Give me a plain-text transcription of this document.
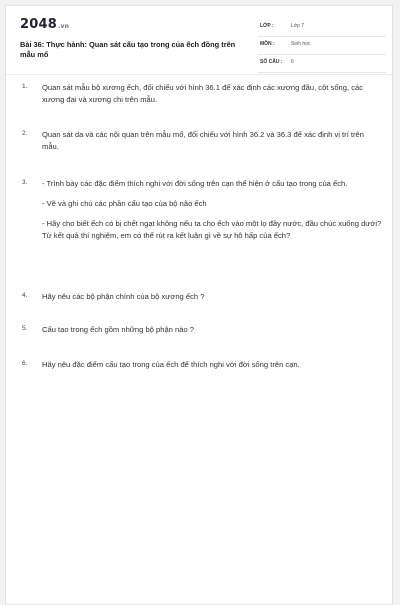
2048.vn
Bài 36: Thực hành: Quan sát cấu tạo trong của ếch đồng trên mẫu mổ
LỚP :	Lớp 7
MÔN :	Sinh học
SỐ CÂU : 6
1. Quan sát mẫu bộ xương ếch, đối chiếu với hình 36.1 để xác định các xương đầu, cột sống, các xương đai và xương chi trên mẫu.

2. Quan sát da và các nội quan trên mẫu mổ, đối chiếu với hình 36.2 và 36.3 để xác định vị trí trên mẫu.

3. - Trình bày các đặc điểm thích nghi với đời sống trên cạn thể hiện ở cấu tạo trong của ếch.

- Vẽ và ghi chú các phần cấu tạo của bộ não ếch

- Hãy cho biết ếch có bị chết ngạt không nếu ta cho ếch vào một lọ đầy nước, đầu chúc xuống dưới? Từ kết quả thí nghiệm, em có thể rút ra kết luận gì về sự hô hấp của ếch?

4. Hãy nêu các bộ phận chính của bộ xương ếch ?

5. Cấu tạo trong ếch gồm những bộ phận nào ?

6. Hãy nêu đặc điểm cấu tạo trong của ếch để thích nghi với đời sống trên cạn.
